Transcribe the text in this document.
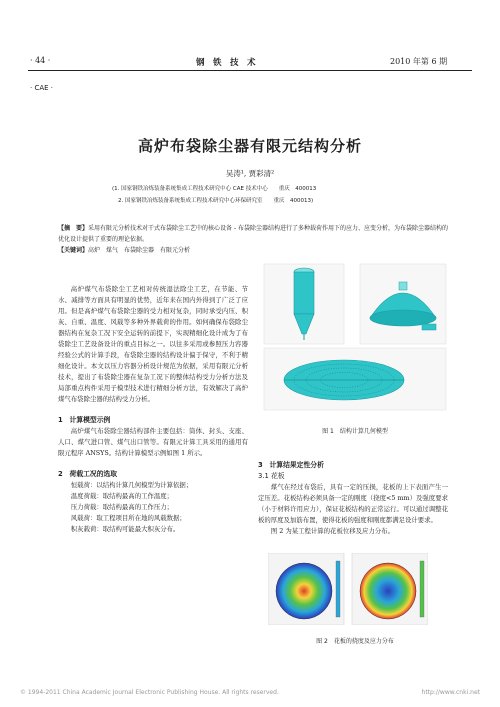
· 44 ·	钢　铁　技　术	2010 年第 6 期
· CAE ·
高炉布袋除尘器有限元结构分析
吴涛¹, 贾彩清²
(1. 国家钢铁冶炼装备系统集成工程技术研究中心 CAE 技术中心　　重庆　400013
2. 国家钢铁冶炼装备系统集成工程技术研究中心环保研究室　　重庆　400013)
【摘　要】采用有限元分析技术对干式布袋除尘工艺中的核心设备 - 布袋除尘器结构进行了多种载荷作用下的应力、应变分析，为布袋除尘器结构的优化设计提供了重要的理论依据。
【关键词】高炉　煤气　布袋除尘器　有限元分析

高炉煤气布袋除尘工艺相对传统湿法除尘工艺，在节能、节水、减排等方面具有明显的优势，近年来在国内外得到了广泛了应用。但是高炉煤气布袋除尘器的受力相对复杂，同时承受内压、积灰、自重、温度、风载等多种外界载荷的作用。如何确保布袋除尘器结构在复杂工况下安全运转的前提下，实现精细化设计成为了布袋除尘工艺设备设计的重点目标之一。以往多采用或参照压力容器经验公式的计算手段，布袋除尘器的结构设计偏于保守，不利于精细化设计。本文以压力容器分析设计规范为依据，采用有限元分析技术，提出了布袋除尘器在复杂工况下的整体结构受力分析方法及局部重点构件采用子模型技术进行精细分析方法，有效解决了高炉煤气布袋除尘器的结构受力分析。

1　计算模型示例

高炉煤气布袋除尘器结构部件主要包括：筒体、封头、支座、人口、煤气进口管、煤气出口管等。有限元计算工具采用的通用有限元程序 ANSYS。结构计算模型示例如图 1 所示。

2　荷载工况的选取

恒载荷：以结构计算几何模型为计算依据；

温度荷载：取结构最高的工作温度；

压力荷载：取结构最高的工作压力；

风载荷：取工程项目所在地的风载数据；

积灰载荷：取结构可能最大积灰分布。

图 1　结构计算几何模型

3　计算结果定性分析

3.1 花板

煤气在经过布袋后，具有一定的压损，花板的上下表面产生一定压差。花板结构必须具备一定的刚度（挠度<5 mm）及强度要求（小于材料许用应力），保证花板结构的正常运行。可以通过调整花板的厚度及加筋布置，使得花板的强度和刚度都满足设计要求。

图 2 为某工程计算的花板位移及应力分布。

图 2　花板的挠度及应力分布
© 1994-2011 China Academic Journal Electronic Publishing House. All rights reserved.	http://www.cnki.net
